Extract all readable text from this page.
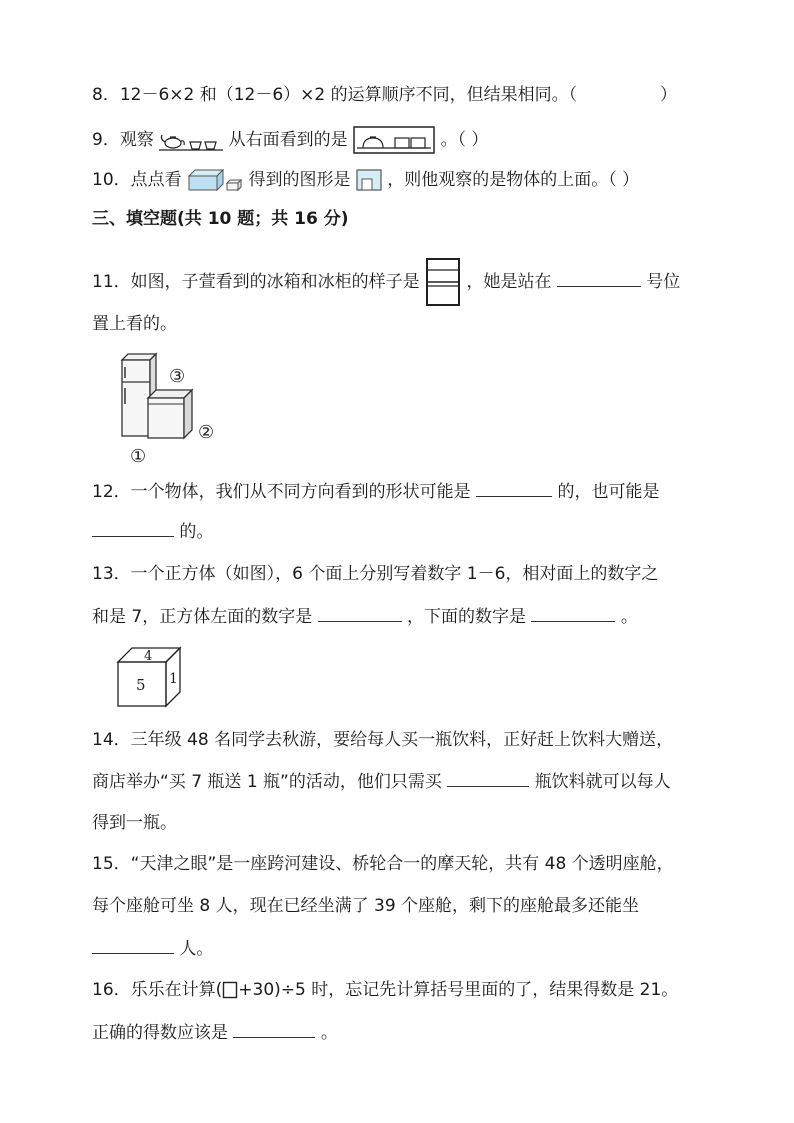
8．12－6×2 和（12－6）×2 的运算顺序不同，但结果相同。（	）
9．观察	从右面看到的是	。（ ）
10．点点看	得到的图形是 ，则他观察的是物体的上面。（ ）
三、填空题(共 10 题；共 16 分)
11．如图，子萱看到的冰箱和冰柜的样子是	，她是站在	号位
置上看的。
③
②
①
12．一个物体，我们从不同方向看到的形状可能是	的，也可能是
的。
13．一个正方体（如图），6 个面上分别写着数字 1－6，相对面上的数字之
和是 7，正方体左面的数字是	，下面的数字是	。
4
5 1
14．三年级 48 名同学去秋游，要给每人买一瓶饮料，正好赶上饮料大赠送，
商店举办“买 7 瓶送 1 瓶”的活动，他们只需买	瓶饮料就可以每人
得到一瓶。
15．“天津之眼”是一座跨河建设、桥轮合一的摩天轮，共有 48 个透明座舱，
每个座舱可坐 8 人，现在已经坐满了 39 个座舱，剩下的座舱最多还能坐
人。
16．乐乐在计算( +30)÷5 时，忘记先计算括号里面的了，结果得数是 21。
正确的得数应该是	。
